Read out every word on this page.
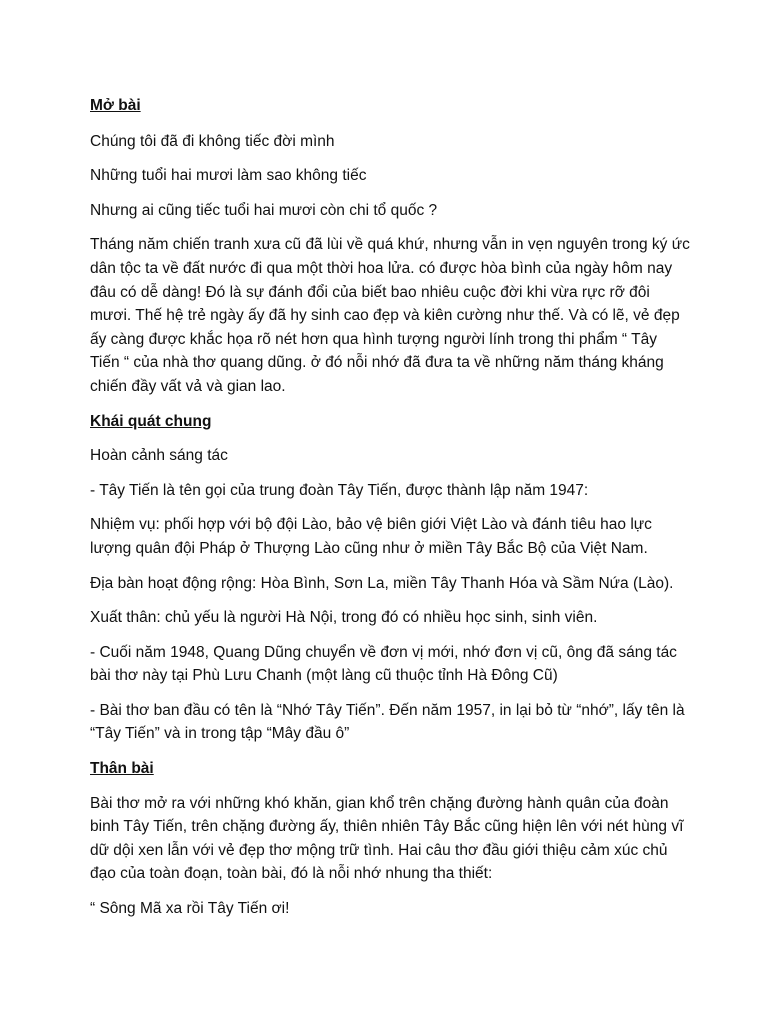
Mở bài

Chúng tôi đã đi không tiếc đời mình

Những tuổi hai mươi làm sao không tiếc

Nhưng ai cũng tiếc tuổi hai mươi còn chi tổ quốc ?

Tháng năm chiến tranh xưa cũ đã lùi về quá khứ, nhưng vẫn in vẹn nguyên trong ký ức dân tộc ta về đất nước đi qua một thời hoa lửa. có được hòa bình của ngày hôm nay đâu có dễ dàng! Đó là sự đánh đổi của biết bao nhiêu cuộc đời khi vừa rực rỡ đôi mươi. Thế hệ trẻ ngày ấy đã hy sinh cao đẹp và kiên cường như thế. Và có lẽ, vẻ đẹp ấy càng được khắc họa rõ nét hơn qua hình tượng người lính trong thi phẩm “ Tây Tiến “ của nhà thơ quang dũng. ở đó nỗi nhớ đã đưa ta về những năm tháng kháng chiến đầy vất vả và gian lao.

Khái quát chung

Hoàn cảnh sáng tác

- Tây Tiến là tên gọi của trung đoàn Tây Tiến, được thành lập năm 1947:

Nhiệm vụ: phối hợp với bộ đội Lào, bảo vệ biên giới Việt Lào và đánh tiêu hao lực lượng quân đội Pháp ở Thượng Lào cũng như ở miền Tây Bắc Bộ của Việt Nam.

Địa bàn hoạt động rộng: Hòa Bình, Sơn La, miền Tây Thanh Hóa và Sầm Nứa (Lào).

Xuất thân: chủ yếu là người Hà Nội, trong đó có nhiều học sinh, sinh viên.

- Cuối năm 1948, Quang Dũng chuyển về đơn vị mới, nhớ đơn vị cũ, ông đã sáng tác bài thơ này tại Phù Lưu Chanh (một làng cũ thuộc tỉnh Hà Đông Cũ)

- Bài thơ ban đầu có tên là “Nhớ Tây Tiến”. Đến năm 1957, in lại bỏ từ “nhớ”, lấy tên là “Tây Tiến” và in trong tập “Mây đầu ô”

Thân bài

Bài thơ mở ra với những khó khăn, gian khổ trên chặng đường hành quân của đoàn binh Tây Tiến, trên chặng đường ấy, thiên nhiên Tây Bắc cũng hiện lên với nét hùng vĩ dữ dội xen lẫn với vẻ đẹp thơ mộng trữ tình. Hai câu thơ đầu giới thiệu cảm xúc chủ đạo của toàn đoạn, toàn bài, đó là nỗi nhớ nhung tha thiết:

“ Sông Mã xa rồi Tây Tiến ơi!
